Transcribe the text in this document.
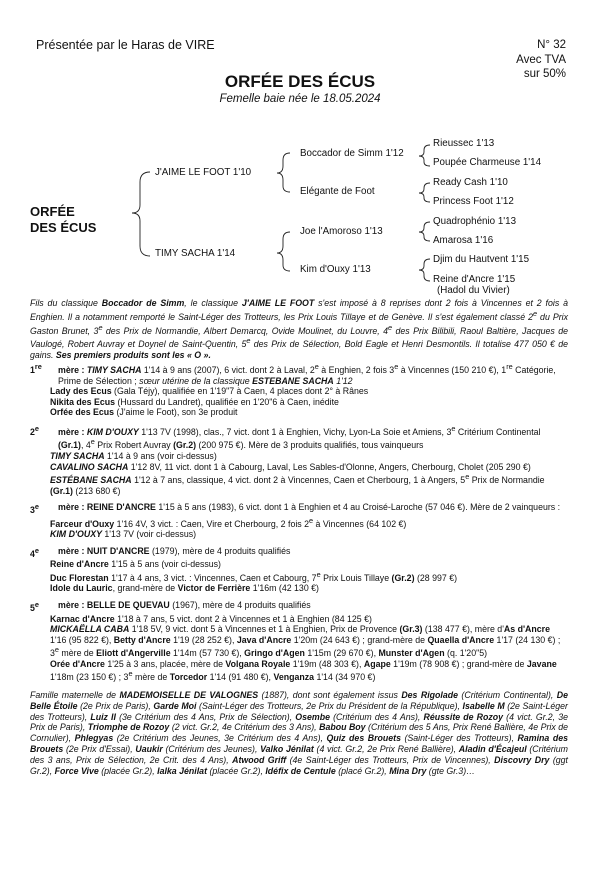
Présentée par le Haras de VIRE	N° 32
Avec TVA
sur 50%
ORFÉE DES ÉCUS
Femelle baie née le 18.05.2024
ORFÉE
DES ÉCUS
J'AIME LE FOOT 1'10
TIMY SACHA 1'14
Boccador de Simm 1'12
Elégante de Foot
Joe l'Amoroso 1'13
Kim d'Ouxy 1'13
Rieussec 1'13
Poupée Charmeuse 1'14
Ready Cash 1'10
Princess Foot 1'12
Quadrophénio 1'13
Amarosa 1'16
Djim du Hautvent 1'15
Reine d'Ancre 1'15
(Hadol du Vivier)
Fils du classique Boccador de Simm, le classique J'AIME LE FOOT s'est imposé à 8 reprises dont 2 fois à Vincennes et 2 fois à Enghien. Il a notamment remporté le Saint-Léger des Trotteurs, les Prix Louis Tillaye et de Genève. Il s'est également classé 2e du Prix Gaston Brunet, 3e des Prix de Normandie, Albert Demarcq, Ovide Moulinet, du Louvre, 4e des Prix Bilibili, Raoul Baltière, Jacques de Vaulogé, Robert Auvray et Doynel de Saint-Quentin, 5e des Prix de Sélection, Bold Eagle et Henri Desmontils. Il totalise 477 050 € de gains. Ses premiers produits sont les « O ».
1re	mère : TIMY SACHA 1'14 à 9 ans (2007), 6 vict. dont 2 à Laval, 2e à Enghien, 2 fois 3e à Vincennes (150 210 €), 1re Catégorie, Prime de Sélection ; sœur utérine de la classique ESTEBANE SACHA 1'12
Lady des Ecus (Gala Téjy), qualifiée en 1'19"7 à Caen, 4 places dont 2° à Rânes
Nikita des Ecus (Hussard du Landret), qualifiée en 1'20"6 à Caen, inédite
Orfée des Ecus (J'aime le Foot), son 3e produit
2e	mère : KIM D'OUXY 1'13 7V (1998), clas., 7 vict. dont 1 à Enghien, Vichy, Lyon-La Soie et Amiens, 3e Critérium Continental (Gr.1), 4e Prix Robert Auvray (Gr.2) (200 975 €). Mère de 3 produits qualifiés, tous vainqueurs
TIMY SACHA 1'14 à 9 ans (voir ci-dessus)
CAVALINO SACHA 1'12 8V, 11 vict. dont 1 à Cabourg, Laval, Les Sables-d'Olonne, Angers, Cherbourg, Cholet (205 290 €)
ESTÉBANE SACHA 1'12 à 7 ans, classique, 4 vict. dont 2 à Vincennes, Caen et Cherbourg, 1 à Angers, 5e Prix de Normandie (Gr.1) (213 680 €)
3e	mère : REINE D'ANCRE 1'15 à 5 ans (1983), 6 vict. dont 1 à Enghien et 4 au Croisé-Laroche (57 046 €). Mère de 2 vainqueurs :
Farceur d'Ouxy 1'16 4V, 3 vict. : Caen, Vire et Cherbourg, 2 fois 2e à Vincennes (64 102 €)
KIM D'OUXY 1'13 7V (voir ci-dessus)
4e	mère : NUIT D'ANCRE (1979), mère de 4 produits qualifiés
Reine d'Ancre 1'15 à 5 ans (voir ci-dessus)
Duc Florestan 1'17 à 4 ans, 3 vict. : Vincennes, Caen et Cabourg, 7e Prix Louis Tillaye (Gr.2) (28 997 €)
Idole du Lauric, grand-mère de Victor de Ferrière 1'16m (42 130 €)
5e	mère : BELLE DE QUEVAU (1967), mère de 4 produits qualifiés
Karnac d'Ancre 1'18 à 7 ans, 5 vict. dont 2 à Vincennes et 1 à Enghien (84 125 €)
MICKAËLLA CABA 1'18 5V, 9 vict. dont 5 à Vincennes et 1 à Enghien, Prix de Provence (Gr.3) (138 477 €), mère d'As d'Ancre 1'16 (95 822 €), Betty d'Ancre 1'19 (28 252 €), Java d'Ancre 1'20m (24 643 €) ; grand-mère de Quaella d'Ancre 1'17 (24 130 €) ; 3e mère de Eliott d'Angerville 1'14m (57 730 €), Gringo d'Agen 1'15m (29 670 €), Munster d'Agen (q. 1'20"5)
Orée d'Ancre 1'25 à 3 ans, placée, mère de Volgana Royale 1'19m (48 303 €), Agape 1'19m (78 908 €) ; grand-mère de Javane 1'18m (23 150 €) ; 3e mère de Torcedor 1'14 (91 480 €), Venganza 1'14 (34 970 €)
Famille maternelle de MADEMOISELLE DE VALOGNES (1887), dont sont également issus Des Rigolade (Critérium Continental), De Belle Étoile (2e Prix de Paris), Garde Moi (Saint-Léger des Trotteurs, 2e Prix du Président de la République), Isabelle M (2e Saint-Léger des Trotteurs), Luiz II (3e Critérium des 4 Ans, Prix de Sélection), Osembe (Critérium des 4 Ans), Réussite de Rozoy (4 vict. Gr.2, 3e Prix de Paris), Triomphe de Rozoy (2 vict. Gr.2, 4e Critérium des 3 Ans), Babou Boy (Critérium des 5 Ans, Prix René Ballière, 4e Prix de Cornulier), Phlegyas (2e Critérium des Jeunes, 3e Critérium des 4 Ans), Quiz des Brouets (Saint-Léger des Trotteurs), Ramina des Brouets (2e Prix d'Essai), Uaukir (Critérium des Jeunes), Valko Jénilat (4 vict. Gr.2, 2e Prix René Ballière), Aladin d'Écajeul (Critérium des 3 ans, Prix de Sélection, 2e Crit. des 4 Ans), Atwood Griff (4e Saint-Léger des Trotteurs, Prix de Vincennes), Discovry Dry (ggt Gr.2), Force Vive (placée Gr.2), Ialka Jénilat (placée Gr.2), Idéfix de Centule (placé Gr.2), Mina Dry (gte Gr.3)…
